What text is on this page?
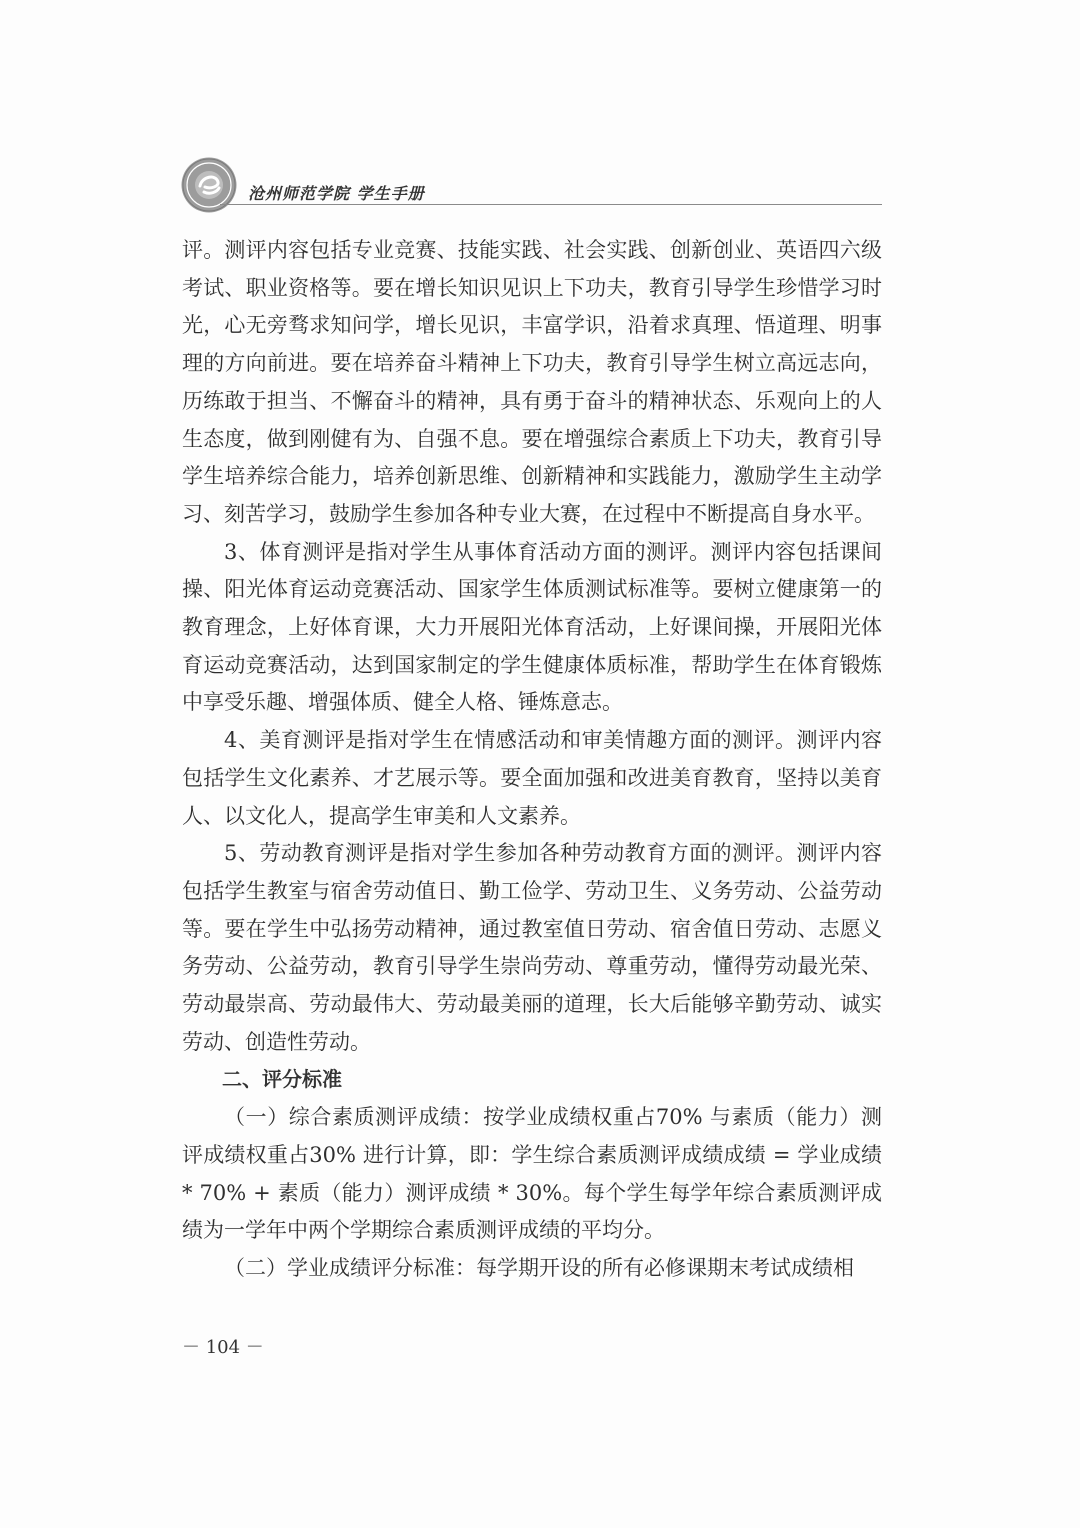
沧州师范学院 学生手册

评。测评内容包括专业竞赛、技能实践、社会实践、创新创业、英语四六级考试、职业资格等。要在增长知识见识上下功夫，教育引导学生珍惜学习时光，心无旁骛求知问学，增长见识，丰富学识，沿着求真理、悟道理、明事理的方向前进。要在培养奋斗精神上下功夫，教育引导学生树立高远志向，历练敢于担当、不懈奋斗的精神，具有勇于奋斗的精神状态、乐观向上的人生态度，做到刚健有为、自强不息。要在增强综合素质上下功夫，教育引导学生培养综合能力，培养创新思维、创新精神和实践能力，激励学生主动学习、刻苦学习，鼓励学生参加各种专业大赛，在过程中不断提高自身水平。

3、体育测评是指对学生从事体育活动方面的测评。测评内容包括课间操、阳光体育运动竞赛活动、国家学生体质测试标准等。要树立健康第一的教育理念，上好体育课，大力开展阳光体育活动，上好课间操，开展阳光体育运动竞赛活动，达到国家制定的学生健康体质标准，帮助学生在体育锻炼中享受乐趣、增强体质、健全人格、锤炼意志。

4、美育测评是指对学生在情感活动和审美情趣方面的测评。测评内容包括学生文化素养、才艺展示等。要全面加强和改进美育教育，坚持以美育人、以文化人，提高学生审美和人文素养。

5、劳动教育测评是指对学生参加各种劳动教育方面的测评。测评内容包括学生教室与宿舍劳动值日、勤工俭学、劳动卫生、义务劳动、公益劳动等。要在学生中弘扬劳动精神，通过教室值日劳动、宿舍值日劳动、志愿义务劳动、公益劳动，教育引导学生崇尚劳动、尊重劳动，懂得劳动最光荣、劳动最崇高、劳动最伟大、劳动最美丽的道理，长大后能够辛勤劳动、诚实劳动、创造性劳动。

二、评分标准

（一）综合素质测评成绩：按学业成绩权重占70% 与素质（能力）测评成绩权重占30% 进行计算，即：学生综合素质测评成绩成绩 = 学业成绩 * 70% + 素质（能力）测评成绩 * 30%。每个学生每学年综合素质测评成绩为一学年中两个学期综合素质测评成绩的平均分。

（二）学业成绩评分标准：每学期开设的所有必修课期末考试成绩相

－ 104 －
